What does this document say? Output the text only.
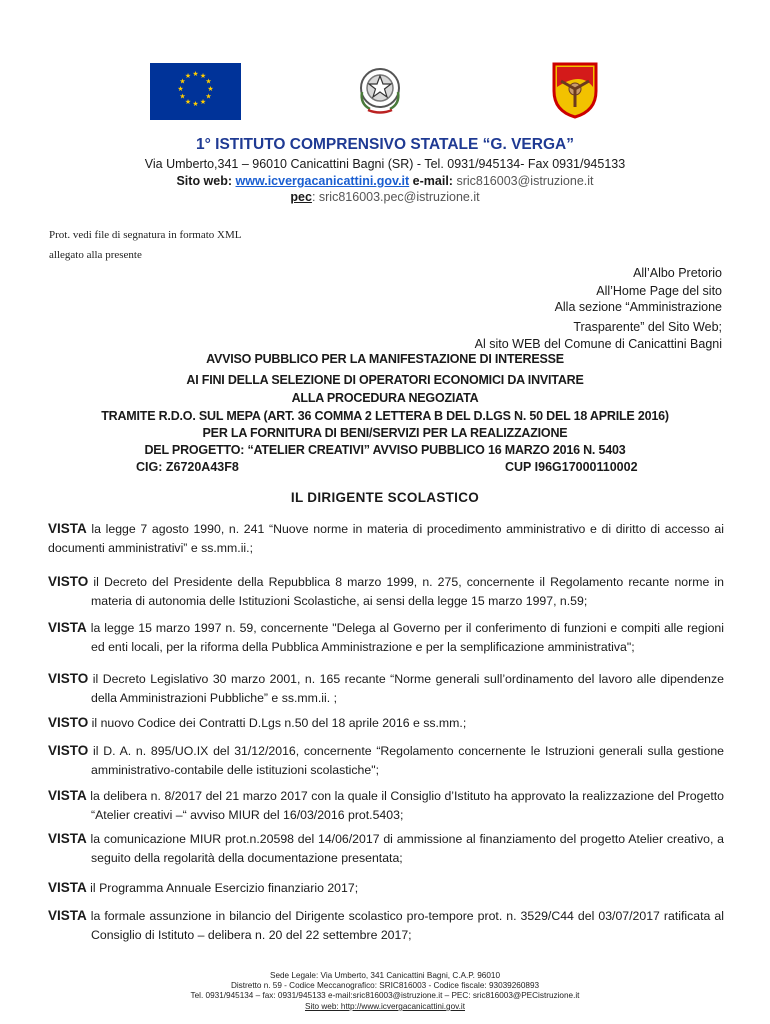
★ ★
★
★
★
★
★
★
★
★
★
★
1° ISTITUTO COMPRENSIVO STATALE “G. VERGA”
Via Umberto,341 – 96010 Canicattini Bagni (SR) - Tel. 0931/945134- Fax 0931/945133
Sito web: www.icvergacanicattini.gov.it e-mail: sric816003@istruzione.it
pec: sric816003.pec@istruzione.it
Prot. vedi file di segnatura in formato XML
allegato alla presente
All’Albo Pretorio
All’Home Page del sito
Alla sezione “Amministrazione
Trasparente” del Sito Web;
Al sito WEB del Comune di Canicattini Bagni
AVVISO PUBBLICO PER LA MANIFESTAZIONE DI INTERESSE
AI FINI DELLA SELEZIONE DI OPERATORI ECONOMICI DA INVITARE
ALLA PROCEDURA NEGOZIATA
TRAMITE R.D.O. SUL MEPA (ART. 36 COMMA 2 LETTERA B DEL D.LGS N. 50 DEL 18 APRILE 2016)
PER LA FORNITURA DI BENI/SERVIZI PER LA REALIZZAZIONE
DEL PROGETTO: “ATELIER CREATIVI” AVVISO PUBBLICO 16 MARZO 2016 N. 5403
CIG: Z6720A43F8	CUP I96G17000110002
IL DIRIGENTE SCOLASTICO
VISTA la legge 7 agosto 1990, n. 241 “Nuove norme in materia di procedimento amministrativo e di diritto di accesso ai documenti amministrativi” e ss.mm.ii.;
VISTO il Decreto del Presidente della Repubblica 8 marzo 1999, n. 275, concernente il Regolamento recante norme in materia di autonomia delle Istituzioni Scolastiche, ai sensi della legge 15 marzo 1997, n.59;
VISTA la legge 15 marzo 1997 n. 59, concernente "Delega al Governo per il conferimento di funzioni e compiti alle regioni ed enti locali, per la riforma della Pubblica Amministrazione e per la semplificazione amministrativa";
VISTO il Decreto Legislativo 30 marzo 2001, n. 165 recante “Norme generali sull’ordinamento del lavoro alle dipendenze della Amministrazioni Pubbliche” e ss.mm.ii. ;
VISTO il nuovo Codice dei Contratti D.Lgs n.50 del 18 aprile 2016 e ss.mm.;
VISTO il D. A. n. 895/UO.IX del 31/12/2016, concernente “Regolamento concernente le Istruzioni generali sulla gestione amministrativo-contabile delle istituzioni scolastiche";
VISTA la delibera n. 8/2017 del 21 marzo 2017 con la quale il Consiglio d’Istituto ha approvato la realizzazione del Progetto “Atelier creativi –“ avviso MIUR del 16/03/2016 prot.5403;
VISTA la comunicazione MIUR prot.n.20598 del 14/06/2017 di ammissione al finanziamento del progetto Atelier creativo, a seguito della regolarità della documentazione presentata;
VISTA il Programma Annuale Esercizio finanziario 2017;
VISTA la formale assunzione in bilancio del Dirigente scolastico pro-tempore prot. n. 3529/C44 del 03/07/2017 ratificata al Consiglio di Istituto – delibera n. 20 del 22 settembre 2017;
Sede Legale: Via Umberto, 341 Canicattini Bagni, C.A.P. 96010
Distretto n. 59 - Codice Meccanografico: SRIC816003 - Codice fiscale: 93039260893
Tel. 0931/945134 – fax: 0931/945133 e-mail:sric816003@istruzione.it – PEC: sric816003@PECistruzione.it
Sito web: http://www.icvergacanicattini.gov.it
